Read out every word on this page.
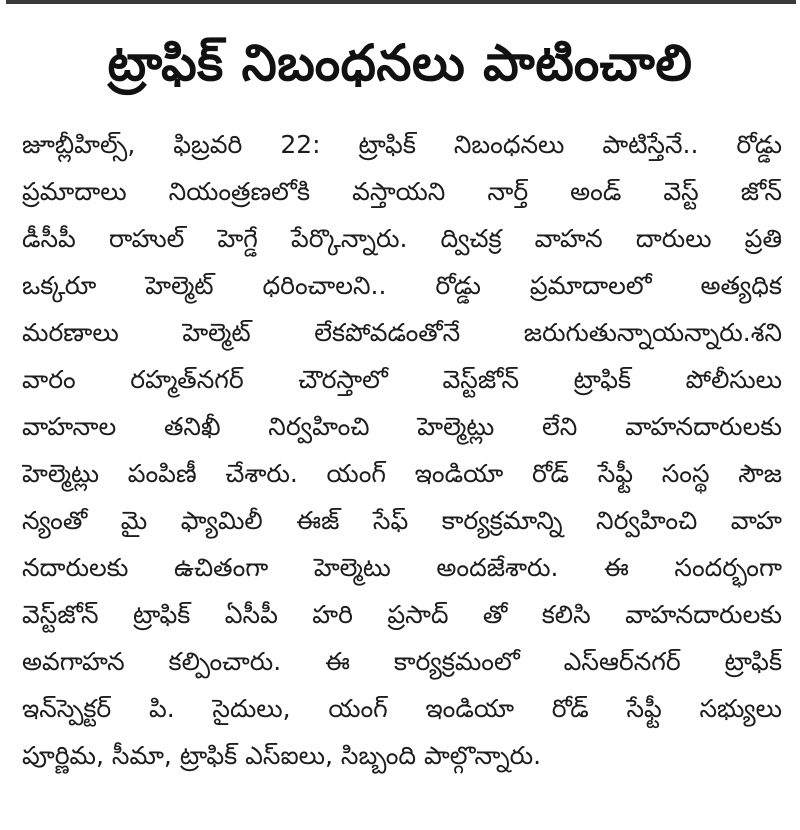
ట్రాఫిక్ నిబంధనలు పాటించాలి
జూబ్లీహిల్స్, ఫిబ్రవరి 22: ట్రాఫిక్ నిబంధనలు పాటిస్తేనే.. రోడ్డు
ప్రమాదాలు నియంత్రణలోకి వస్తాయని నార్త్ అండ్ వెస్ట్ జోన్
డీసీపీ రాహుల్ హెగ్డే పేర్కొన్నారు. ద్విచక్ర వాహన దారులు ప్రతి
ఒక్కరూ హెల్మెట్ ధరించాలని.. రోడ్డు ప్రమాదాలలో అత్యధిక
మరణాలు హెల్మెట్ లేకపోవడంతోనే జరుగుతున్నాయన్నారు.శని
వారం రహ్మత్‌నగర్ చౌరస్తాలో వెస్ట్‌జోన్ ట్రాఫిక్ పోలీసులు
వాహనాల తనిఖీ నిర్వహించి హెల్మెట్లు లేని వాహనదారులకు
హెల్మెట్లు పంపిణీ చేశారు. యంగ్ ఇండియా రోడ్ సేఫ్టీ సంస్థ సౌజ
న్యంతో మై ఫ్యామిలీ ఈజ్ సేఫ్ కార్యక్రమాన్ని నిర్వహించి వాహ
నదారులకు ఉచితంగా హెల్మెటు అందజేశారు. ఈ సందర్భంగా
వెస్ట్‌జోన్ ట్రాఫిక్ ఏసీపీ హరి ప్రసాద్ తో కలిసి వాహనదారులకు
అవగాహన కల్పించారు. ఈ కార్యక్రమంలో ఎస్ఆర్‌నగర్ ట్రాఫిక్
ఇన్‌స్పెక్టర్ పి. సైదులు, యంగ్ ఇండియా రోడ్ సేఫ్టీ సభ్యులు
పూర్ణిమ, సీమా, ట్రాఫిక్ ఎస్ఐలు, సిబ్బంది పాల్గొన్నారు.
